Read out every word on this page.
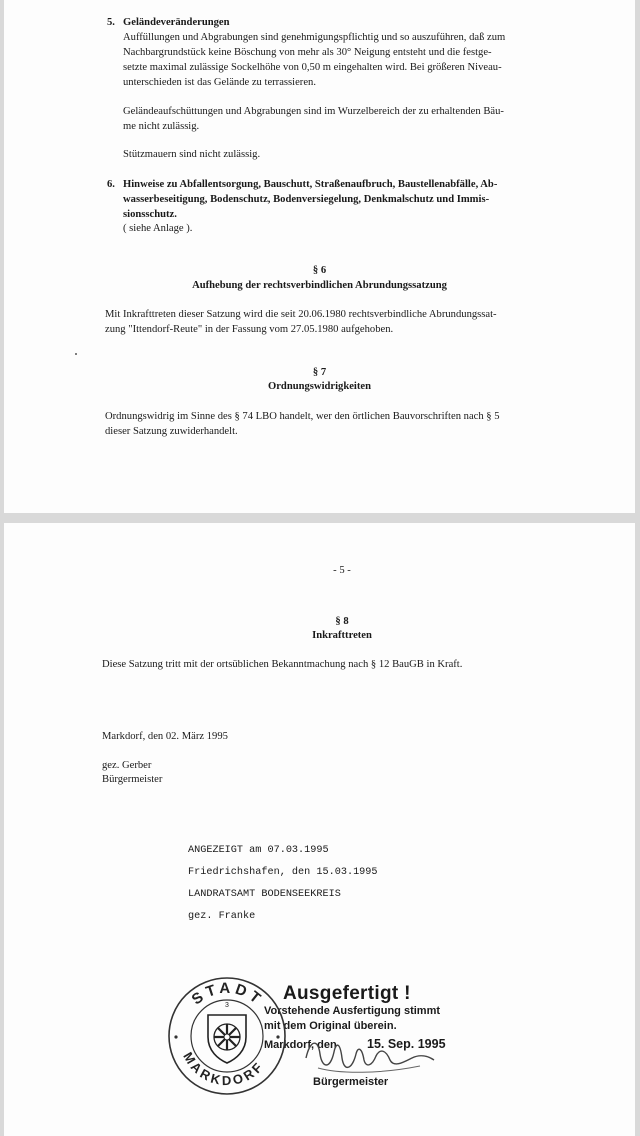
5. Geländeveränderungen
Auffüllungen und Abgrabungen sind genehmigungspflichtig und so auszuführen, daß zum
Nachbargrundstück keine Böschung von mehr als 30° Neigung entsteht und die festge-
setzte maximal zulässige Sockelhöhe von 0,50 m eingehalten wird. Bei größeren Niveau-
unterschieden ist das Gelände zu terrassieren.
Geländeaufschüttungen und Abgrabungen sind im Wurzelbereich der zu erhaltenden Bäu-
me nicht zulässig.
Stützmauern sind nicht zulässig.
6. Hinweise zu Abfallentsorgung, Bauschutt, Straßenaufbruch, Baustellenabfälle, Ab-
wasserbeseitigung, Bodenschutz, Bodenversiegelung, Denkmalschutz und Immis-
sionsschutz.
( siehe Anlage ).
§ 6
Aufhebung der rechtsverbindlichen Abrundungssatzung
Mit Inkrafttreten dieser Satzung wird die seit 20.06.1980 rechtsverbindliche Abrundungssat-
zung "Ittendorf-Reute" in der Fassung vom 27.05.1980 aufgehoben.
§ 7
Ordnungswidrigkeiten
Ordnungswidrig im Sinne des § 74 LBO handelt, wer den örtlichen Bauvorschriften nach § 5
dieser Satzung zuwiderhandelt.
- 5 -
§ 8
Inkrafttreten
Diese Satzung tritt mit der ortsüblichen Bekanntmachung nach § 12 BauGB in Kraft.
Markdorf, den 02. März 1995
gez. Gerber
Bürgermeister
ANGEZEIGT am 07.03.1995
Friedrichshafen, den 15.03.1995
LANDRATSAMT BODENSEEKREIS
gez. Franke
Ausgefertigt !
Vorstehende Ausfertigung stimmt
mit dem Original überein.
Markdorf, den 15. Sep. 1995
Bürgermeister
STADT
MARKDORF
3
